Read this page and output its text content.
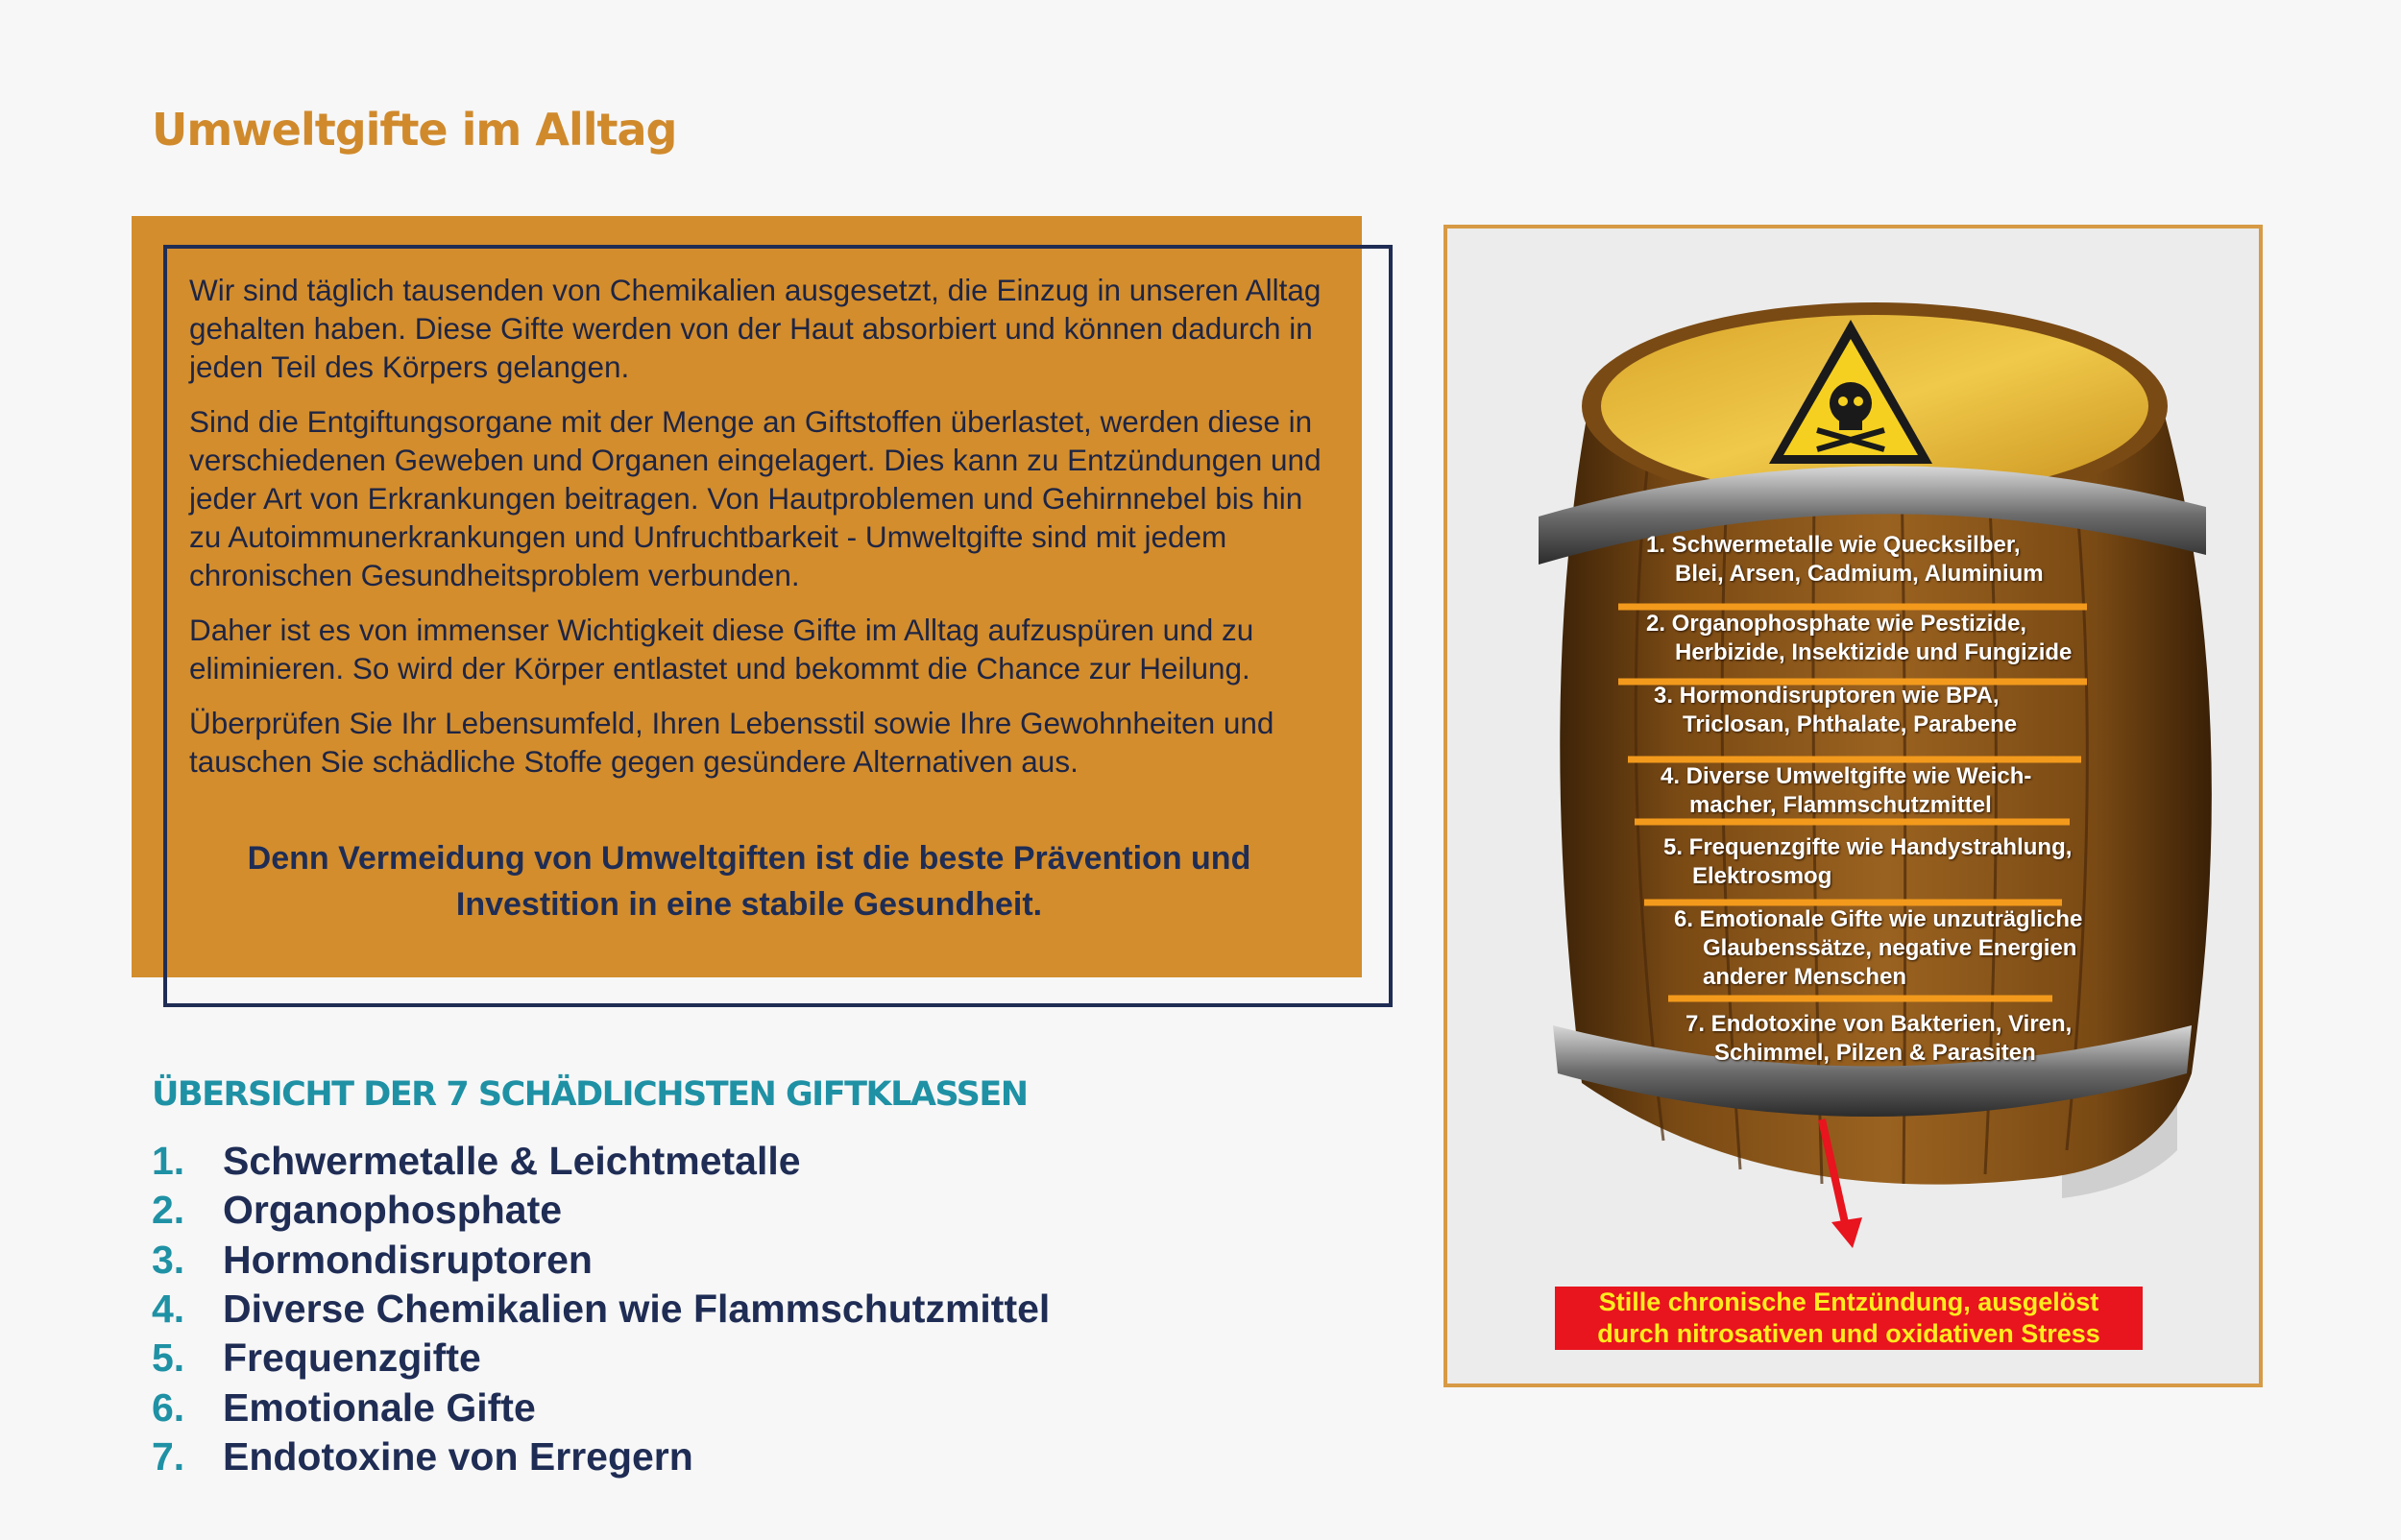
Umweltgifte im Alltag

Wir sind täglich tausenden von Chemikalien ausgesetzt, die Einzug in unseren Alltag gehalten haben. Diese Gifte werden von der Haut absorbiert und können dadurch in jeden Teil des Körpers gelangen.

Sind die Entgiftungsorgane mit der Menge an Giftstoffen überlastet, werden diese in verschiedenen Geweben und Organen eingelagert. Dies kann zu Entzündungen und jeder Art von Erkrankungen beitragen. Von Hautproblemen und Gehirnnebel bis hin zu Autoimmunerkrankungen und Unfruchtbarkeit - Umweltgifte sind mit jedem chronischen Gesundheitsproblem verbunden.

Daher ist es von immenser Wichtigkeit diese Gifte im Alltag aufzuspüren und zu eliminieren. So wird der Körper entlastet und bekommt die Chance zur Heilung.

Überprüfen Sie Ihr Lebensumfeld, Ihren Lebensstil sowie Ihre Gewohnheiten und tauschen Sie schädliche Stoffe gegen gesündere Alternativen aus.

Denn Vermeidung von Umweltgiften ist die beste Prävention und
Investition in eine stabile Gesundheit.
ÜBERSICHT DER 7 SCHÄDLICHSTEN GIFTKLASSEN
1. Schwermetalle & Leichtmetalle
2. Organophosphate
3. Hormondisruptoren
4. Diverse Chemikalien wie Flammschutzmittel
5. Frequenzgifte
6. Emotionale Gifte
7. Endotoxine von Erregern
1. Schwermetalle wie Quecksilber,
Blei, Arsen, Cadmium, Aluminium
2. Organophosphate wie Pestizide,
Herbizide, Insektizide und Fungizide
3. Hormondisruptoren wie BPA,
Triclosan, Phthalate, Parabene
4. Diverse Umweltgifte wie Weich-
macher, Flammschutzmittel
5. Frequenzgifte wie Handystrahlung,
Elektrosmog
6. Emotionale Gifte wie unzuträgliche
Glaubenssätze, negative Energien
anderer Menschen
7. Endotoxine von Bakterien, Viren,
Schimmel, Pilzen & Parasiten
Stille chronische Entzündung, ausgelöst
durch nitrosativen und oxidativen Stress
